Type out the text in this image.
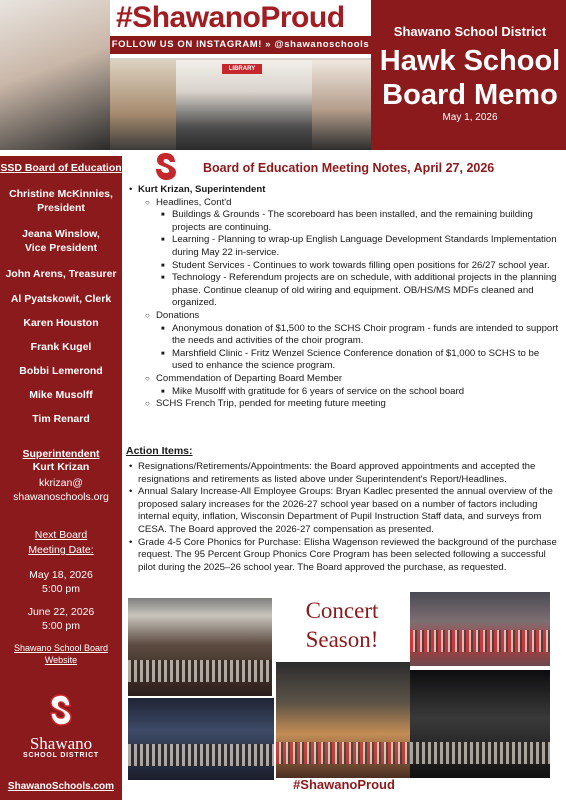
LIBRARY
#ShawanoProud
FOLLOW US ON INSTAGRAM! » @shawanoschools
Shawano School District
Hawk School
Board Memo
May 1, 2026
SSD Board of Education
Christine McKinnies,
President
Jeana Winslow,
Vice President
John Arens, Treasurer
Al Pyatskowit, Clerk
Karen Houston
Frank Kugel
Bobbi Lemerond
Mike Musolff
Tim Renard
Superintendent
Kurt Krizan
kkrizan@
shawanoschools.org
Next Board
Meeting Date:
May 18, 2026
5:00 pm
June 22, 2026
5:00 pm
Shawano School Board
Website
Shawano
SCHOOL DISTRICT
ShawanoSchools.com
Board of Education Meeting Notes, April 27, 2026
• Kurt Krizan, Superintendent
○ Headlines, Cont'd
■ Buildings & Grounds - The scoreboard has been installed, and the remaining building projects are continuing.
■ Learning - Planning to wrap-up English Language Development Standards Implementation during May 22 in-service.
■ Student Services - Continues to work towards filling open positions for 26/27 school year.
■ Technology - Referendum projects are on schedule, with additional projects in the planning phase. Continue cleanup of old wiring and equipment. OB/HS/MS MDFs cleaned and organized.
○ Donations
■ Anonymous donation of $1,500 to the SCHS Choir program - funds are intended to support the needs and activities of the choir program.
■ Marshfield Clinic - Fritz Wenzel Science Conference donation of $1,000 to SCHS to be used to enhance the science program.
○ Commendation of Departing Board Member
■ Mike Musolff with gratitude for 6 years of service on the school board
○ SCHS French Trip, pended for meeting future meeting
Action Items:
• Resignations/Retirements/Appointments: the Board approved appointments and accepted the resignations and retirements as listed above under Superintendent's Report/Headlines.
• Annual Salary Increase-All Employee Groups: Bryan Kadlec presented the annual overview of the proposed salary increases for the 2026-27 school year based on a number of factors including internal equity, inflation, Wisconsin Department of Pupil Instruction Staff data, and surveys from CESA. The Board approved the 2026-27 compensation as presented.
• Grade 4-5 Core Phonics for Purchase: Elisha Wagenson reviewed the background of the purchase request. The 95 Percent Group Phonics Core Program has been selected following a successful pilot during the 2025–26 school year. The Board approved the purchase, as requested.
Concert
Season!
#ShawanoProud
